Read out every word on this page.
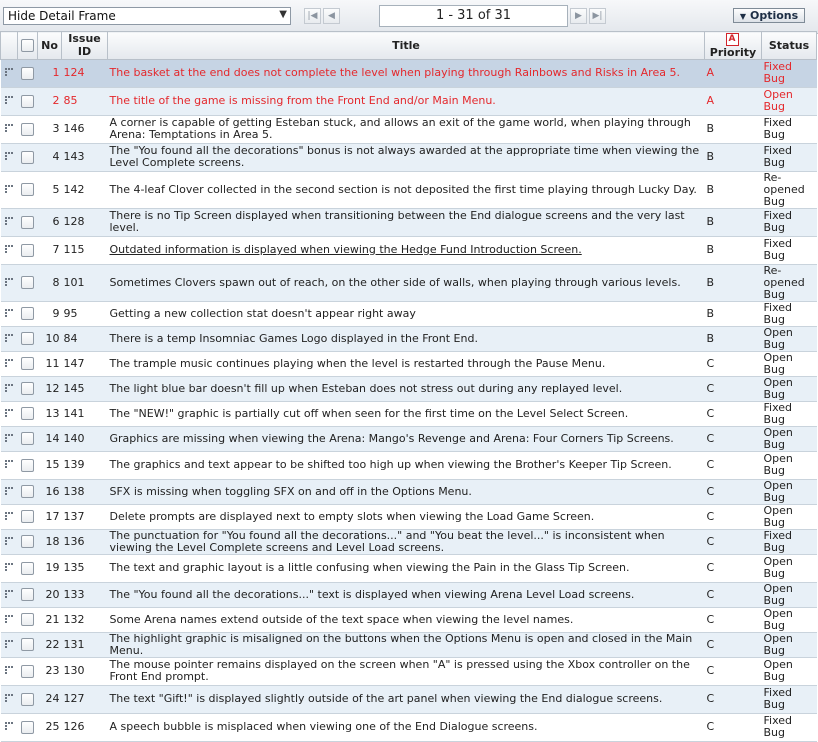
Hide Detail Frame	▼	|◀	◀	1 - 31 of 31	▶	▶|	▼ Options
		No	Issue ID	Title	APriority	Status

		1	124	The basket at the end does not complete the level when playing through Rainbows and Risks in Area 5.	A	Fixed Bug

		2	85	The title of the game is missing from the Front End and/or Main Menu.	A	Open Bug

		3	146	A corner is capable of getting Esteban stuck, and allows an exit of the game world, when playing through Arena: Temptations in Area 5.	B	Fixed Bug

		4	143	The "You found all the decorations" bonus is not always awarded at the appropriate time when viewing the Level Complete screens.	B	Fixed Bug

		5	142	The 4-leaf Clover collected in the second section is not deposited the first time playing through Lucky Day.	B	Re-opened Bug

		6	128	There is no Tip Screen displayed when transitioning between the End dialogue screens and the very last level.	B	Fixed Bug

		7	115	Outdated information is displayed when viewing the Hedge Fund Introduction Screen.	B	Fixed Bug

		8	101	Sometimes Clovers spawn out of reach, on the other side of walls, when playing through various levels.	B	Re-opened Bug

		9	95	Getting a new collection stat doesn't appear right away	B	Fixed Bug

		10	84	There is a temp Insomniac Games Logo displayed in the Front End.	B	Open Bug

		11	147	The trample music continues playing when the level is restarted through the Pause Menu.	C	Open Bug

		12	145	The light blue bar doesn't fill up when Esteban does not stress out during any replayed level.	C	Open Bug

		13	141	The "NEW!" graphic is partially cut off when seen for the first time on the Level Select Screen.	C	Fixed Bug

		14	140	Graphics are missing when viewing the Arena: Mango's Revenge and Arena: Four Corners Tip Screens.	C	Open Bug

		15	139	The graphics and text appear to be shifted too high up when viewing the Brother's Keeper Tip Screen.	C	Open Bug

		16	138	SFX is missing when toggling SFX on and off in the Options Menu.	C	Open Bug

		17	137	Delete prompts are displayed next to empty slots when viewing the Load Game Screen.	C	Open Bug

		18	136	The punctuation for "You found all the decorations..." and "You beat the level..." is inconsistent when viewing the Level Complete screens and Level Load screens.	C	Fixed Bug

		19	135	The text and graphic layout is a little confusing when viewing the Pain in the Glass Tip Screen.	C	Open Bug

		20	133	The "You found all the decorations..." text is displayed when viewing Arena Level Load screens.	C	Open Bug

		21	132	Some Arena names extend outside of the text space when viewing the level names.	C	Open Bug

		22	131	The highlight graphic is misaligned on the buttons when the Options Menu is open and closed in the Main Menu.	C	Open Bug

		23	130	The mouse pointer remains displayed on the screen when "A" is pressed using the Xbox controller on the Front End prompt.	C	Open Bug

		24	127	The text "Gift!" is displayed slightly outside of the art panel when viewing the End dialogue screens.	C	Fixed Bug

		25	126	A speech bubble is misplaced when viewing one of the End Dialogue screens.	C	Fixed Bug
